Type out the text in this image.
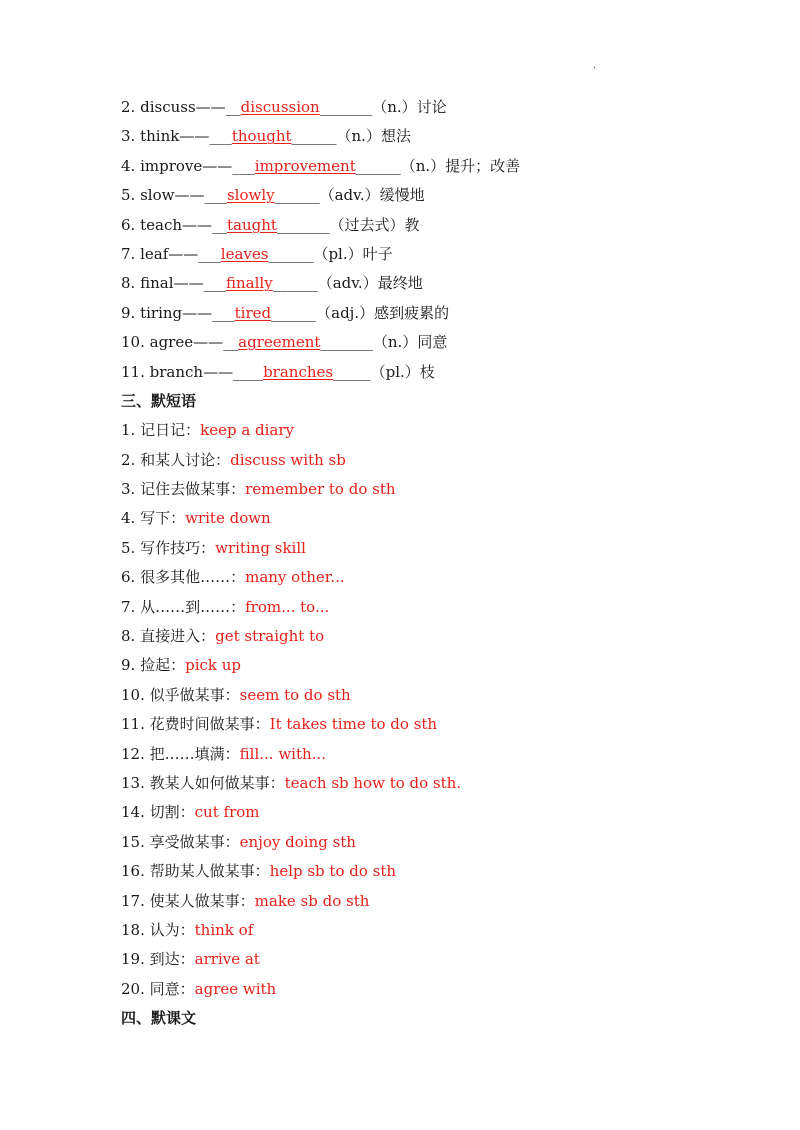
.
2. discuss——__discussion_______（n.）讨论
3. think——___thought______（n.）想法
4. improve——___improvement______（n.）提升；改善
5. slow——___slowly______（adv.）缓慢地
6. teach——__taught_______（过去式）教
7. leaf——___leaves______（pl.）叶子
8. final——___finally______（adv.）最终地
9. tiring——___tired______（adj.）感到疲累的
10. agree——__agreement_______（n.）同意
11. branch——____branches_____（pl.）枝
三、默短语
1. 记日记：keep a diary
2. 和某人讨论：discuss with sb
3. 记住去做某事：remember to do sth
4. 写下：write down
5. 写作技巧：writing skill
6. 很多其他……：many other...
7. 从……到……：from... to...
8. 直接进入：get straight to
9. 捡起：pick up
10. 似乎做某事：seem to do sth
11. 花费时间做某事：It takes time to do sth
12. 把……填满：fill... with...
13. 教某人如何做某事：teach sb how to do sth.
14. 切割：cut from
15. 享受做某事：enjoy doing sth
16. 帮助某人做某事：help sb to do sth
17. 使某人做某事：make sb do sth
18. 认为：think of
19. 到达：arrive at
20. 同意：agree with
四、默课文
